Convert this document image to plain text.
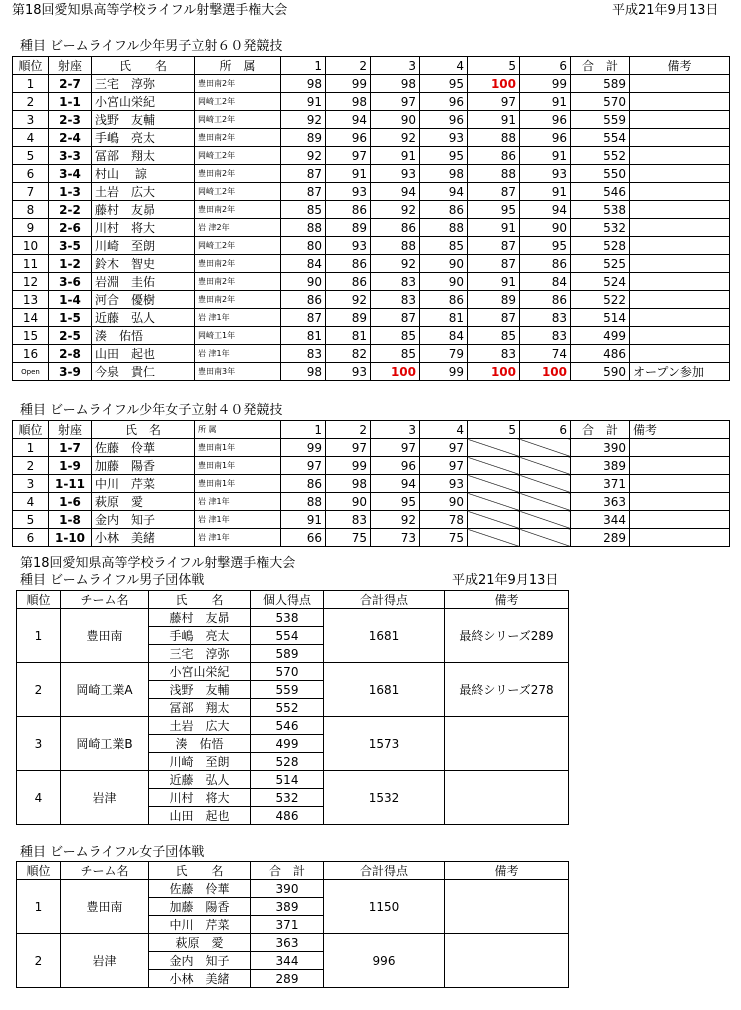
第18回愛知県高等学校ライフル射撃選手権大会	平成21年9月13日
種目 ビームライフル少年男子立射６０発競技
順位	射座	氏　　名	所　属	1	2	3	4	5	6	合　計	備考
1	2-7	三宅　淳弥	豊田南2年	98	99	98	95	100	99	589	
2	1-1	小宮山栄紀	岡崎工2年	91	98	97	96	97	91	570	
3	2-3	浅野　友輔	岡崎工2年	92	94	90	96	91	96	559	
4	2-4	手嶋　亮太	豊田南2年	89	96	92	93	88	96	554	
5	3-3	冨部　翔太	岡崎工2年	92	97	91	95	86	91	552	
6	3-4	村山　 諒	豊田南2年	87	91	93	98	88	93	550	
7	1-3	土岩　広大	岡崎工2年	87	93	94	94	87	91	546	
8	2-2	藤村　友昴	豊田南2年	85	86	92	86	95	94	538	
9	2-6	川村　将大	岩 津2年	88	89	86	88	91	90	532	
10	3-5	川崎　至朗	岡崎工2年	80	93	88	85	87	95	528	
11	1-2	鈴木　智史	豊田南2年	84	86	92	90	87	86	525	
12	3-6	岩淵　圭佑	豊田南2年	90	86	83	90	91	84	524	
13	1-4	河合　優樹	豊田南2年	86	92	83	86	89	86	522	
14	1-5	近藤　弘人	岩 津1年	87	89	87	81	87	83	514	
15	2-5	湊　佑悟	岡崎工1年	81	81	85	84	85	83	499	
16	2-8	山田　起也	岩 津1年	83	82	85	79	83	74	486	
Open	3-9	今泉　貴仁	豊田南3年	98	93	100	99	100	100	590	オープン参加
種目 ビームライフル少年女子立射４０発競技
順位	射座	氏　名	所 属	1	2	3	4	5	6	合　計	備考
1	1-7	佐藤　伶華	豊田南1年	99	97	97	97			390	
2	1-9	加藤　陽香	豊田南1年	97	99	96	97			389	
3	1-11	中川　芹菜	豊田南1年	86	98	94	93			371	
4	1-6	萩原　愛	岩 津1年	88	90	95	90			363	
5	1-8	金内　知子	岩 津1年	91	83	92	78			344	
6	1-10	小林　美緒	岩 津1年	66	75	73	75			289	
第18回愛知県高等学校ライフル射撃選手権大会
種目 ビームライフル男子団体戦	平成21年9月13日
順位	チーム名	氏　　名	個人得点	合計得点	備考
1	豊田南	藤村　友昴	538	1681	最終シリーズ289
		手嶋　亮太	554		
		三宅　淳弥	589		
2	岡崎工業A	小宮山栄紀	570	1681	最終シリーズ278
		浅野　友輔	559		
		冨部　翔太	552		
3	岡崎工業B	土岩　広大	546	1573	
		湊　佑悟	499		
		川崎　至朗	528		
4	岩津	近藤　弘人	514	1532	
		川村　将大	532		
		山田　起也	486		
種目 ビームライフル女子団体戦
順位	チーム名	氏　　名	合　計	合計得点	備考
1	豊田南	佐藤　伶華	390	1150	
		加藤　陽香	389		
		中川　芹菜	371		
2	岩津	萩原　愛	363	996	
		金内　知子	344		
		小林　美緒	289		
